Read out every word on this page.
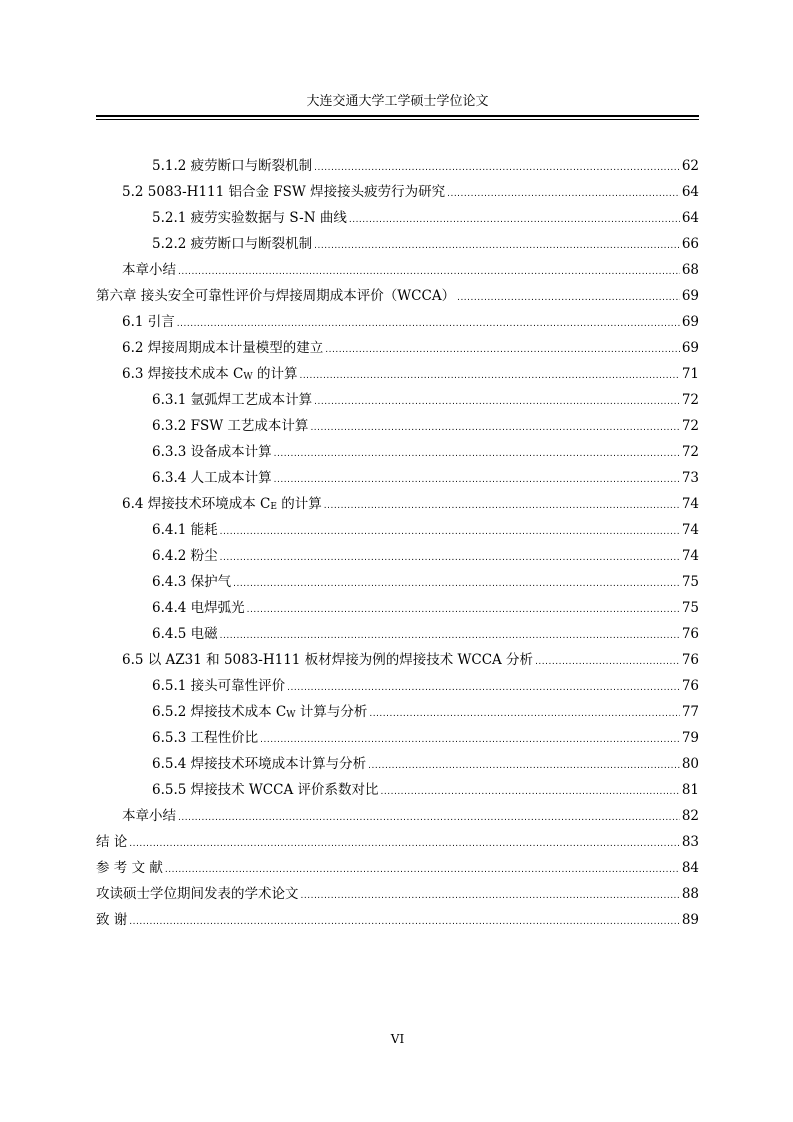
大连交通大学工学硕士学位论文
5.1.2 疲劳断口与断裂机制 .....	62
5.2 5083-H111 铝合金 FSW 焊接接头疲劳行为研究 .....	64
5.2.1 疲劳实验数据与 S-N 曲线 .....	64
5.2.2 疲劳断口与断裂机制 .....	66
本章小结 .....	68
第六章 接头安全可靠性评价与焊接周期成本评价（WCCA） .....	69
6.1 引言 .....	69
6.2 焊接周期成本计量模型的建立 .....	69
6.3 焊接技术成本 CW 的计算 .....	71
6.3.1 氩弧焊工艺成本计算 .....	72
6.3.2 FSW 工艺成本计算 .....	72
6.3.3 设备成本计算 .....	72
6.3.4 人工成本计算 .....	73
6.4 焊接技术环境成本 CE 的计算 .....	74
6.4.1 能耗 .....	74
6.4.2 粉尘 .....	74
6.4.3 保护气 .....	75
6.4.4 电焊弧光 .....	75
6.4.5 电磁 .....	76
6.5 以 AZ31 和 5083-H111 板材焊接为例的焊接技术 WCCA 分析 .....	76
6.5.1 接头可靠性评价 .....	76
6.5.2 焊接技术成本 CW 计算与分析 .....	77
6.5.3 工程性价比 .....	79
6.5.4 焊接技术环境成本计算与分析 .....	80
6.5.5 焊接技术 WCCA 评价系数对比 .....	81
本章小结 .....	82
结 论 .....	83
参 考 文 献 .....	84
攻读硕士学位期间发表的学术论文 .....	88
致 谢 .....	89
VI
